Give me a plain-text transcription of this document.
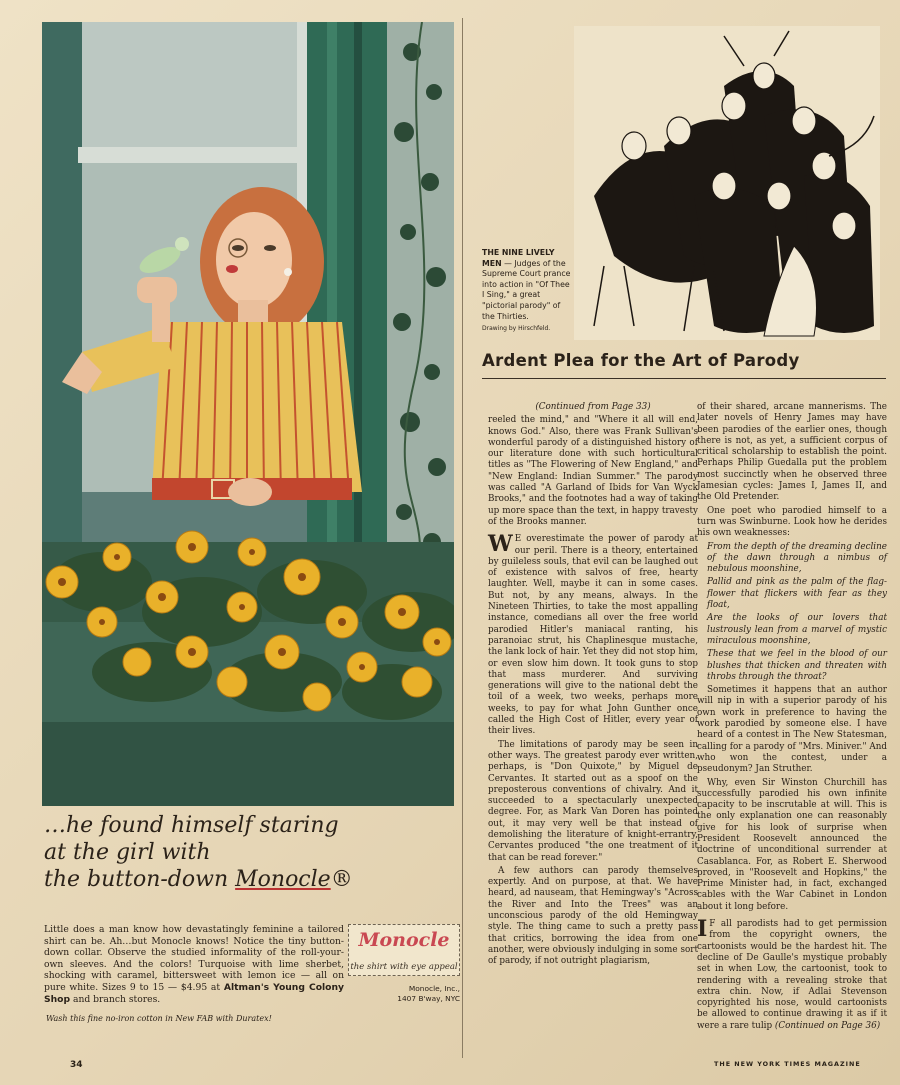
…he found himself staring
at the girl with
the button-down Monocle®
Little does a man know how devastatingly feminine a tailored shirt can be. Ah…but Monocle knows! Notice the tiny button-down collar. Observe the studied informality of the roll-your-own sleeves. And the colors! Turquoise with lime sherbet, shocking with caramel, bittersweet with lemon ice — all on pure white. Sizes 9 to 15 — $4.95 at Altman's Young Colony Shop and branch stores.
Monocle
the shirt with eye appeal
Monocle, Inc.,
1407 B'way, NYC
Wash this fine no-iron cotton in New FAB with Duratex!
34
THE NINE LIVELY MEN — Judges of the Supreme Court prance into action in "Of Thee I Sing," a great "pictorial parody" of the Thirties.
Drawing by Hirschfeld.
Ardent Plea for the Art of Parody

(Continued from Page 33)

reeled the mind," and "Where it all will end, knows God." Also, there was Frank Sullivan's wonderful parody of a distinguished history of our literature done with such horticultural titles as "The Flowering of New England," and "New England: Indian Summer." The parody was called "A Garland of Ibids for Van Wyck Brooks," and the footnotes had a way of taking up more space than the text, in happy travesty of the Brooks manner.

W E overestimate the power of parody at our peril. There is a theory, entertained by guileless souls, that evil can be laughed out of existence with salvos of free, hearty laughter. Well, maybe it can in some cases. But not, by any means, always. In the Nineteen Thirties, to take the most appalling instance, comedians all over the free world parodied Hitler's maniacal ranting, his paranoiac strut, his Chaplinesque mustache, the lank lock of hair. Yet they did not stop him, or even slow him down. It took guns to stop that mass murderer. And surviving generations will give to the national debt the toil of a week, two weeks, perhaps more weeks, to pay for what John Gunther once called the High Cost of Hitler, every year of their lives.

The limitations of parody may be seen in other ways. The greatest parody ever written, perhaps, is "Don Quixote," by Miguel de Cervantes. It started out as a spoof on the preposterous conventions of chivalry. And it succeeded to a spectacularly unexpected degree. For, as Mark Van Doren has pointed out, it may very well be that instead of demolishing the literature of knight-errantry, Cervantes produced "the one treatment of it that can be read forever."

A few authors can parody themselves expertly. And on purpose, at that. We have heard, ad nauseam, that Hemingway's "Across the River and Into the Trees" was an unconscious parody of the old Hemingway style. The thing came to such a pretty pass that critics, borrowing the idea from one another, were obviously indulging in some sort of parody, if not outright plagiarism,

of their shared, arcane mannerisms. The later novels of Henry James may have been parodies of the earlier ones, though there is not, as yet, a sufficient corpus of critical scholarship to establish the point. Perhaps Philip Guedalla put the problem most succinctly when he observed three Jamesian cycles: James I, James II, and the Old Pretender.

One poet who parodied himself to a turn was Swinburne. Look how he derides his own weaknesses:

From the depth of the dreaming decline of the dawn through a nimbus of nebulous moonshine,

Pallid and pink as the palm of the flag-flower that flickers with fear as they float,

Are the looks of our lovers that lustrously lean from a marvel of mystic miraculous moonshine,

These that we feel in the blood of our blushes that thicken and threaten with throbs through the throat?

Sometimes it happens that an author will nip in with a superior parody of his own work in preference to having the work parodied by someone else. I have heard of a contest in The New Statesman, calling for a parody of "Mrs. Miniver." And who won the contest, under a pseudonym? Jan Struther.

Why, even Sir Winston Churchill has successfully parodied his own infinite capacity to be inscrutable at will. This is the only explanation one can reasonably give for his look of surprise when President Roosevelt announced the doctrine of unconditional surrender at Casablanca. For, as Robert E. Sherwood proved, in "Roosevelt and Hopkins," the Prime Minister had, in fact, exchanged cables with the War Cabinet in London about it long before.

I F all parodists had to get permission from the copyright owners, the cartoonists would be the hardest hit. The decline of De Gaulle's mystique probably set in when Low, the cartoonist, took to rendering with a revealing stroke that extra chin. Now, if Adlai Stevenson copyrighted his nose, would cartoonists be allowed to continue drawing it as if it were a rare tulip (Continued on Page 36)

THE NEW YORK TIMES MAGAZINE
